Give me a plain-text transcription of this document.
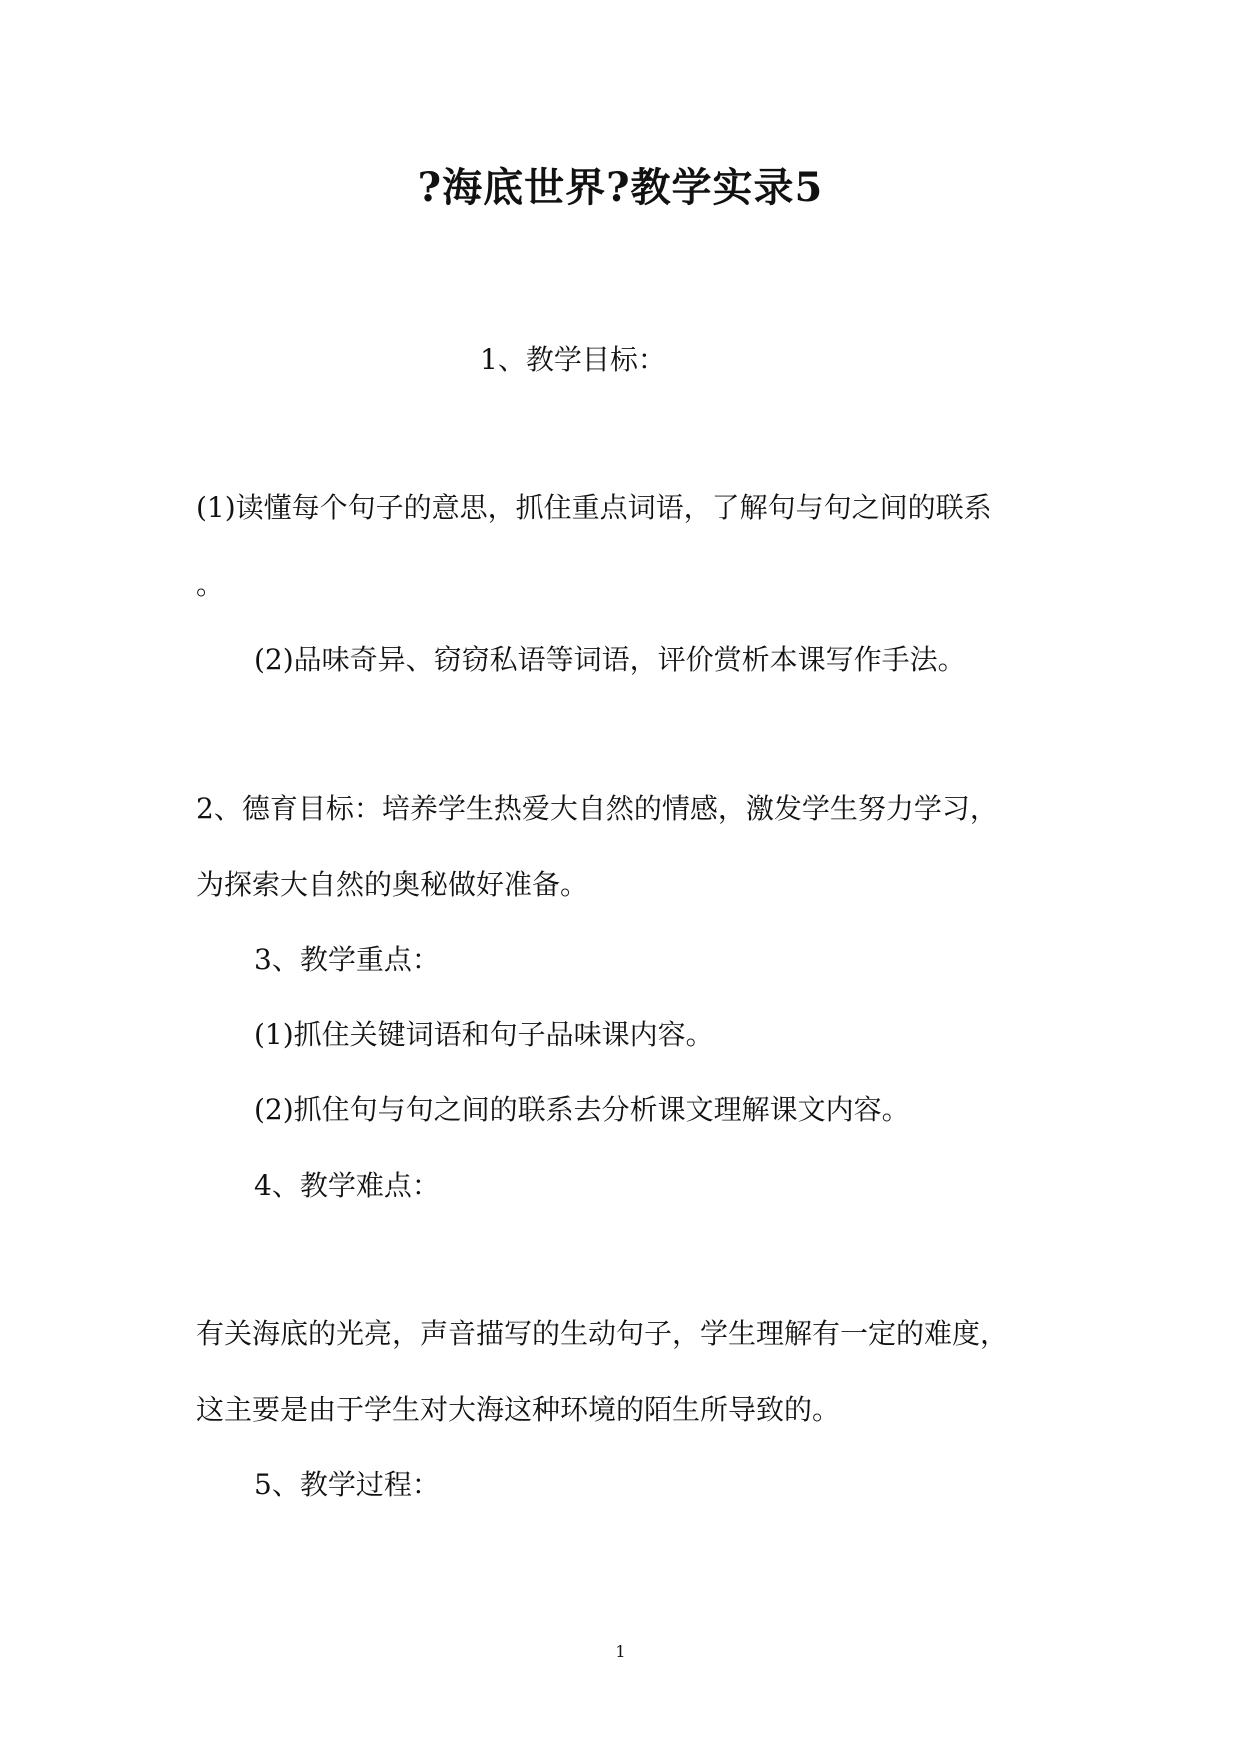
?海底世界?教学实录5
1、教学目标：
(1)读懂每个句子的意思，抓住重点词语，了解句与句之间的联系
。
(2)品味奇异、窃窃私语等词语，评价赏析本课写作手法。
2、德育目标：培养学生热爱大自然的情感，激发学生努力学习，
为探索大自然的奥秘做好准备。
3、教学重点：
(1)抓住关键词语和句子品味课内容。
(2)抓住句与句之间的联系去分析课文理解课文内容。
4、教学难点：
有关海底的光亮，声音描写的生动句子，学生理解有一定的难度，
这主要是由于学生对大海这种环境的陌生所导致的。
5、教学过程：
1
